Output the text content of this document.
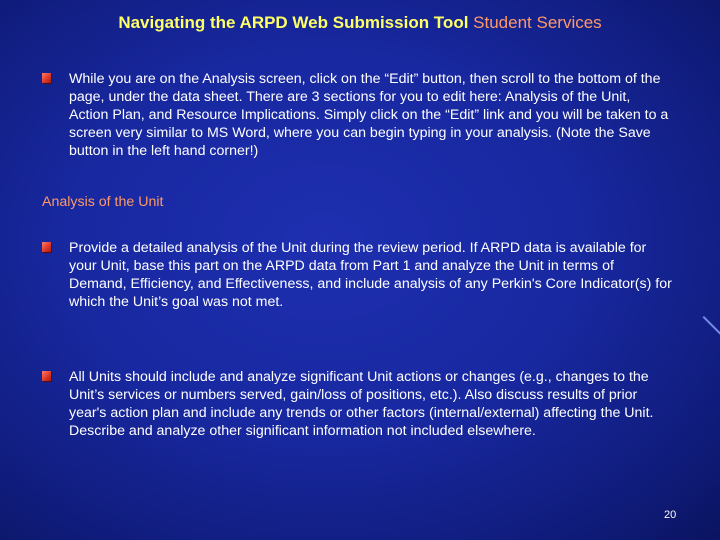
Navigating the ARPD Web Submission Tool Student Services
While you are on the Analysis screen, click on the “Edit” button, then scroll to the bottom of the page, under the data sheet. There are 3 sections for you to edit here: Analysis of the Unit, Action Plan, and Resource Implications. Simply click on the “Edit” link and you will be taken to a screen very similar to MS Word, where you can begin typing in your analysis. (Note the Save button in the left hand corner!)
Analysis of the Unit
Provide a detailed analysis of the Unit during the review period. If ARPD data is available for your Unit, base this part on the ARPD data from Part 1 and analyze the Unit in terms of Demand, Efficiency, and Effectiveness, and include analysis of any Perkin's Core Indicator(s) for which the Unit’s goal was not met.
All Units should include and analyze significant Unit actions or changes (e.g., changes to the Unit’s services or numbers served, gain/loss of positions, etc.). Also discuss results of prior year's action plan and include any trends or other factors (internal/external) affecting the Unit. Describe and analyze other significant information not included elsewhere.
20
